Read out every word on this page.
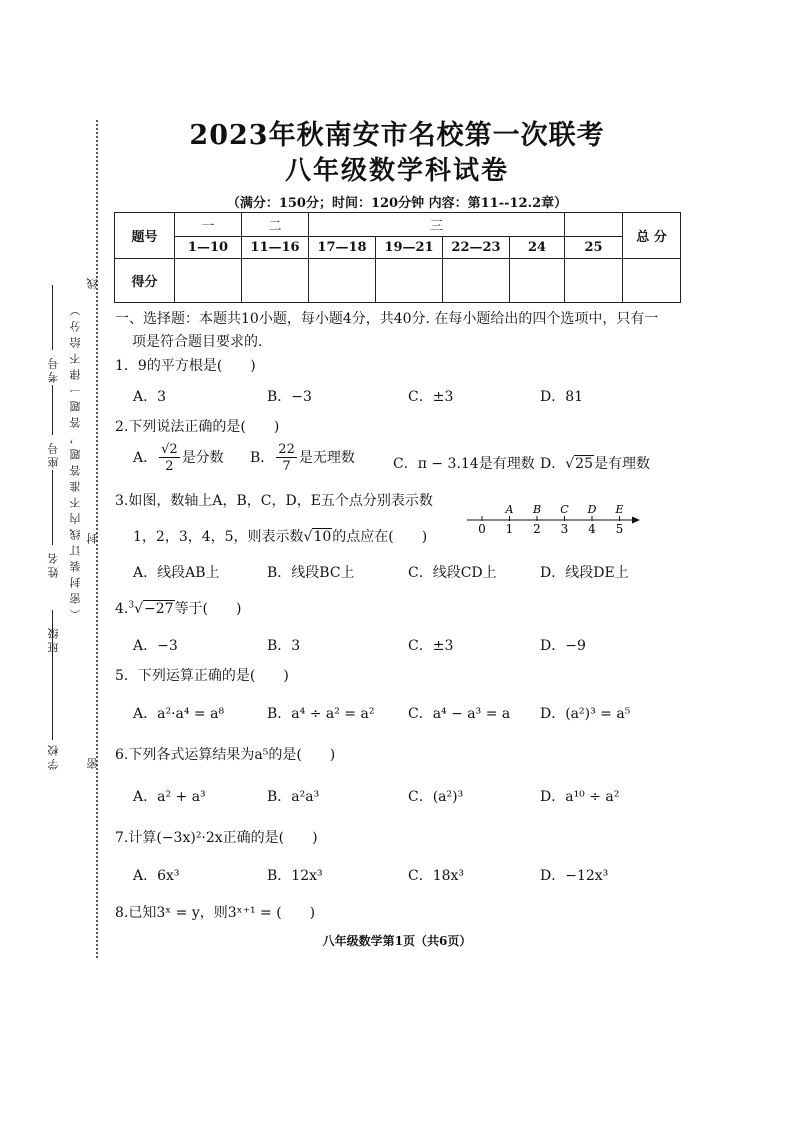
2023年秋南安市名校第一次联考
八年级数学科试卷
（满分：150分；时间：120分钟 内容：第11--12.2章）
题号	一	二	三					总 分
	1—10	11—16	17—18	19—21	22—23	24	25	
得分								
一、选择题：本题共10小题，每小题4分，共40分. 在每小题给出的四个选项中，只有一
项是符合题目要求的.
1．9的平方根是(　　)
A．3	B．−3	C．±3	D．81
2.下列说法正确的是(　　)
A． $\frac{√2}{2}$ 是分数 B． $\frac{22}{7}$ 是无理数	C．π − 3.14是有理数 D．√25是有理数
3.如图，数轴上A，B，C，D，E五个点分别表示数
1，2，3，4，5，则表示数√10的点应在(　　)	0 1
A
2
B
3
C
4
D
5
E
A．线段AB上	B．线段BC上	C．线段CD上	D．线段DE上
4.$^3$√−27等于(　　)
A．−3	B．3	C．±3	D．−9
5．下列运算正确的是(　　)
A．a²·a⁴ = a⁸	B．a⁴ ÷ a² = a² C．a⁴ − a³ = a D．(a²)³ = a⁵
6.下列各式运算结果为a⁵的是(　　)
A．a² + a³	B．a²a³	C．(a²)³	D．a¹⁰ ÷ a²
7.计算(−3x)²·2x正确的是(　　)
A．6x³	B．12x³	C．18x³	D．−12x³
8.已知3ˣ = y，则3ˣ⁺¹ = (　　)
八年级数学第1页（共6页）
学校
班级
姓名
座号
考号 （密封装订线内不准答题，答题一律不给分）
密
封
线
